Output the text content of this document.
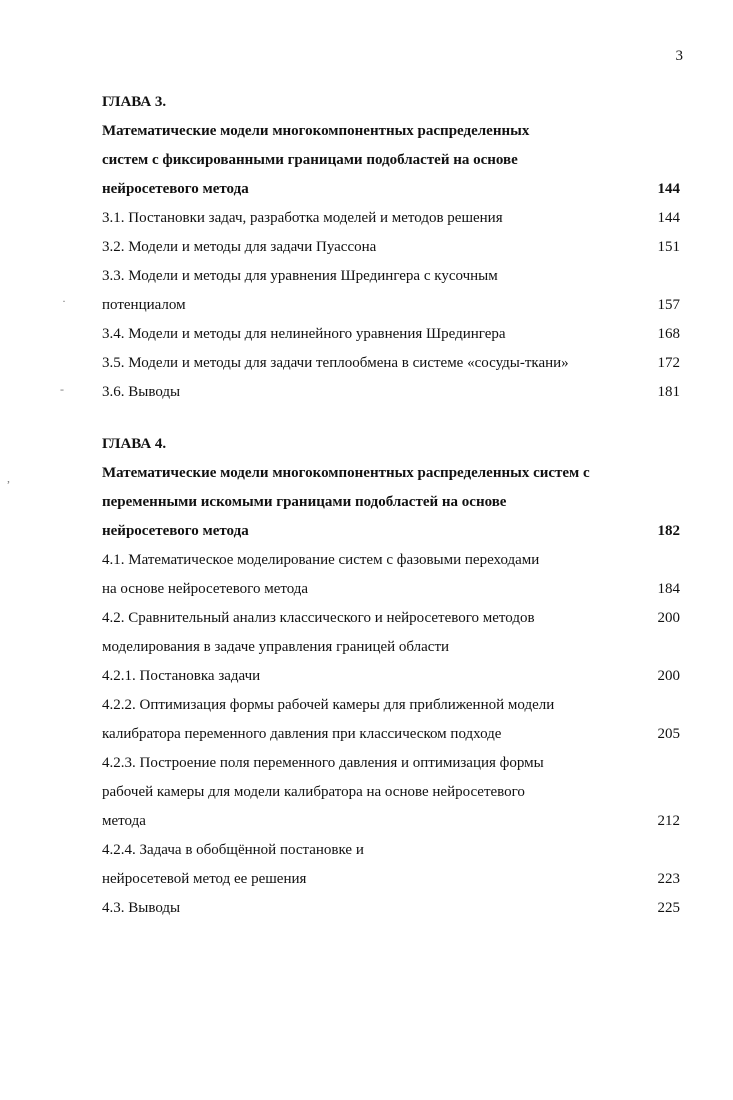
3
ГЛАВА 3.
Математические модели многокомпонентных распределенных
систем с фиксированными границами подобластей на основе
нейросетевого метода	144
3.1. Постановки задач, разработка моделей и методов решения	144
3.2. Модели и методы для задачи Пуассона	151
3.3. Модели и методы для уравнения Шредингера с кусочным
потенциалом	157
3.4. Модели и методы для нелинейного уравнения Шредингера	168
3.5. Модели и методы для задачи теплообмена в системе «сосуды-ткани»	172
3.6. Выводы	181
ГЛАВА 4.
Математические модели многокомпонентных распределенных систем с
переменными искомыми границами подобластей на основе
нейросетевого метода	182
4.1. Математическое моделирование систем с фазовыми переходами
на основе нейросетевого метода	184
4.2. Сравнительный анализ классического и нейросетевого методов	200
моделирования в задаче управления границей области
4.2.1. Постановка задачи	200
4.2.2. Оптимизация формы рабочей камеры для приближенной модели
калибратора переменного давления при классическом подходе	205
4.2.3. Построение поля переменного давления и оптимизация формы
рабочей камеры для модели калибратора на основе нейросетевого
метода	212
4.2.4. Задача в обобщённой постановке и
нейросетевой метод ее решения	223
4.3. Выводы	225
·
-
,
